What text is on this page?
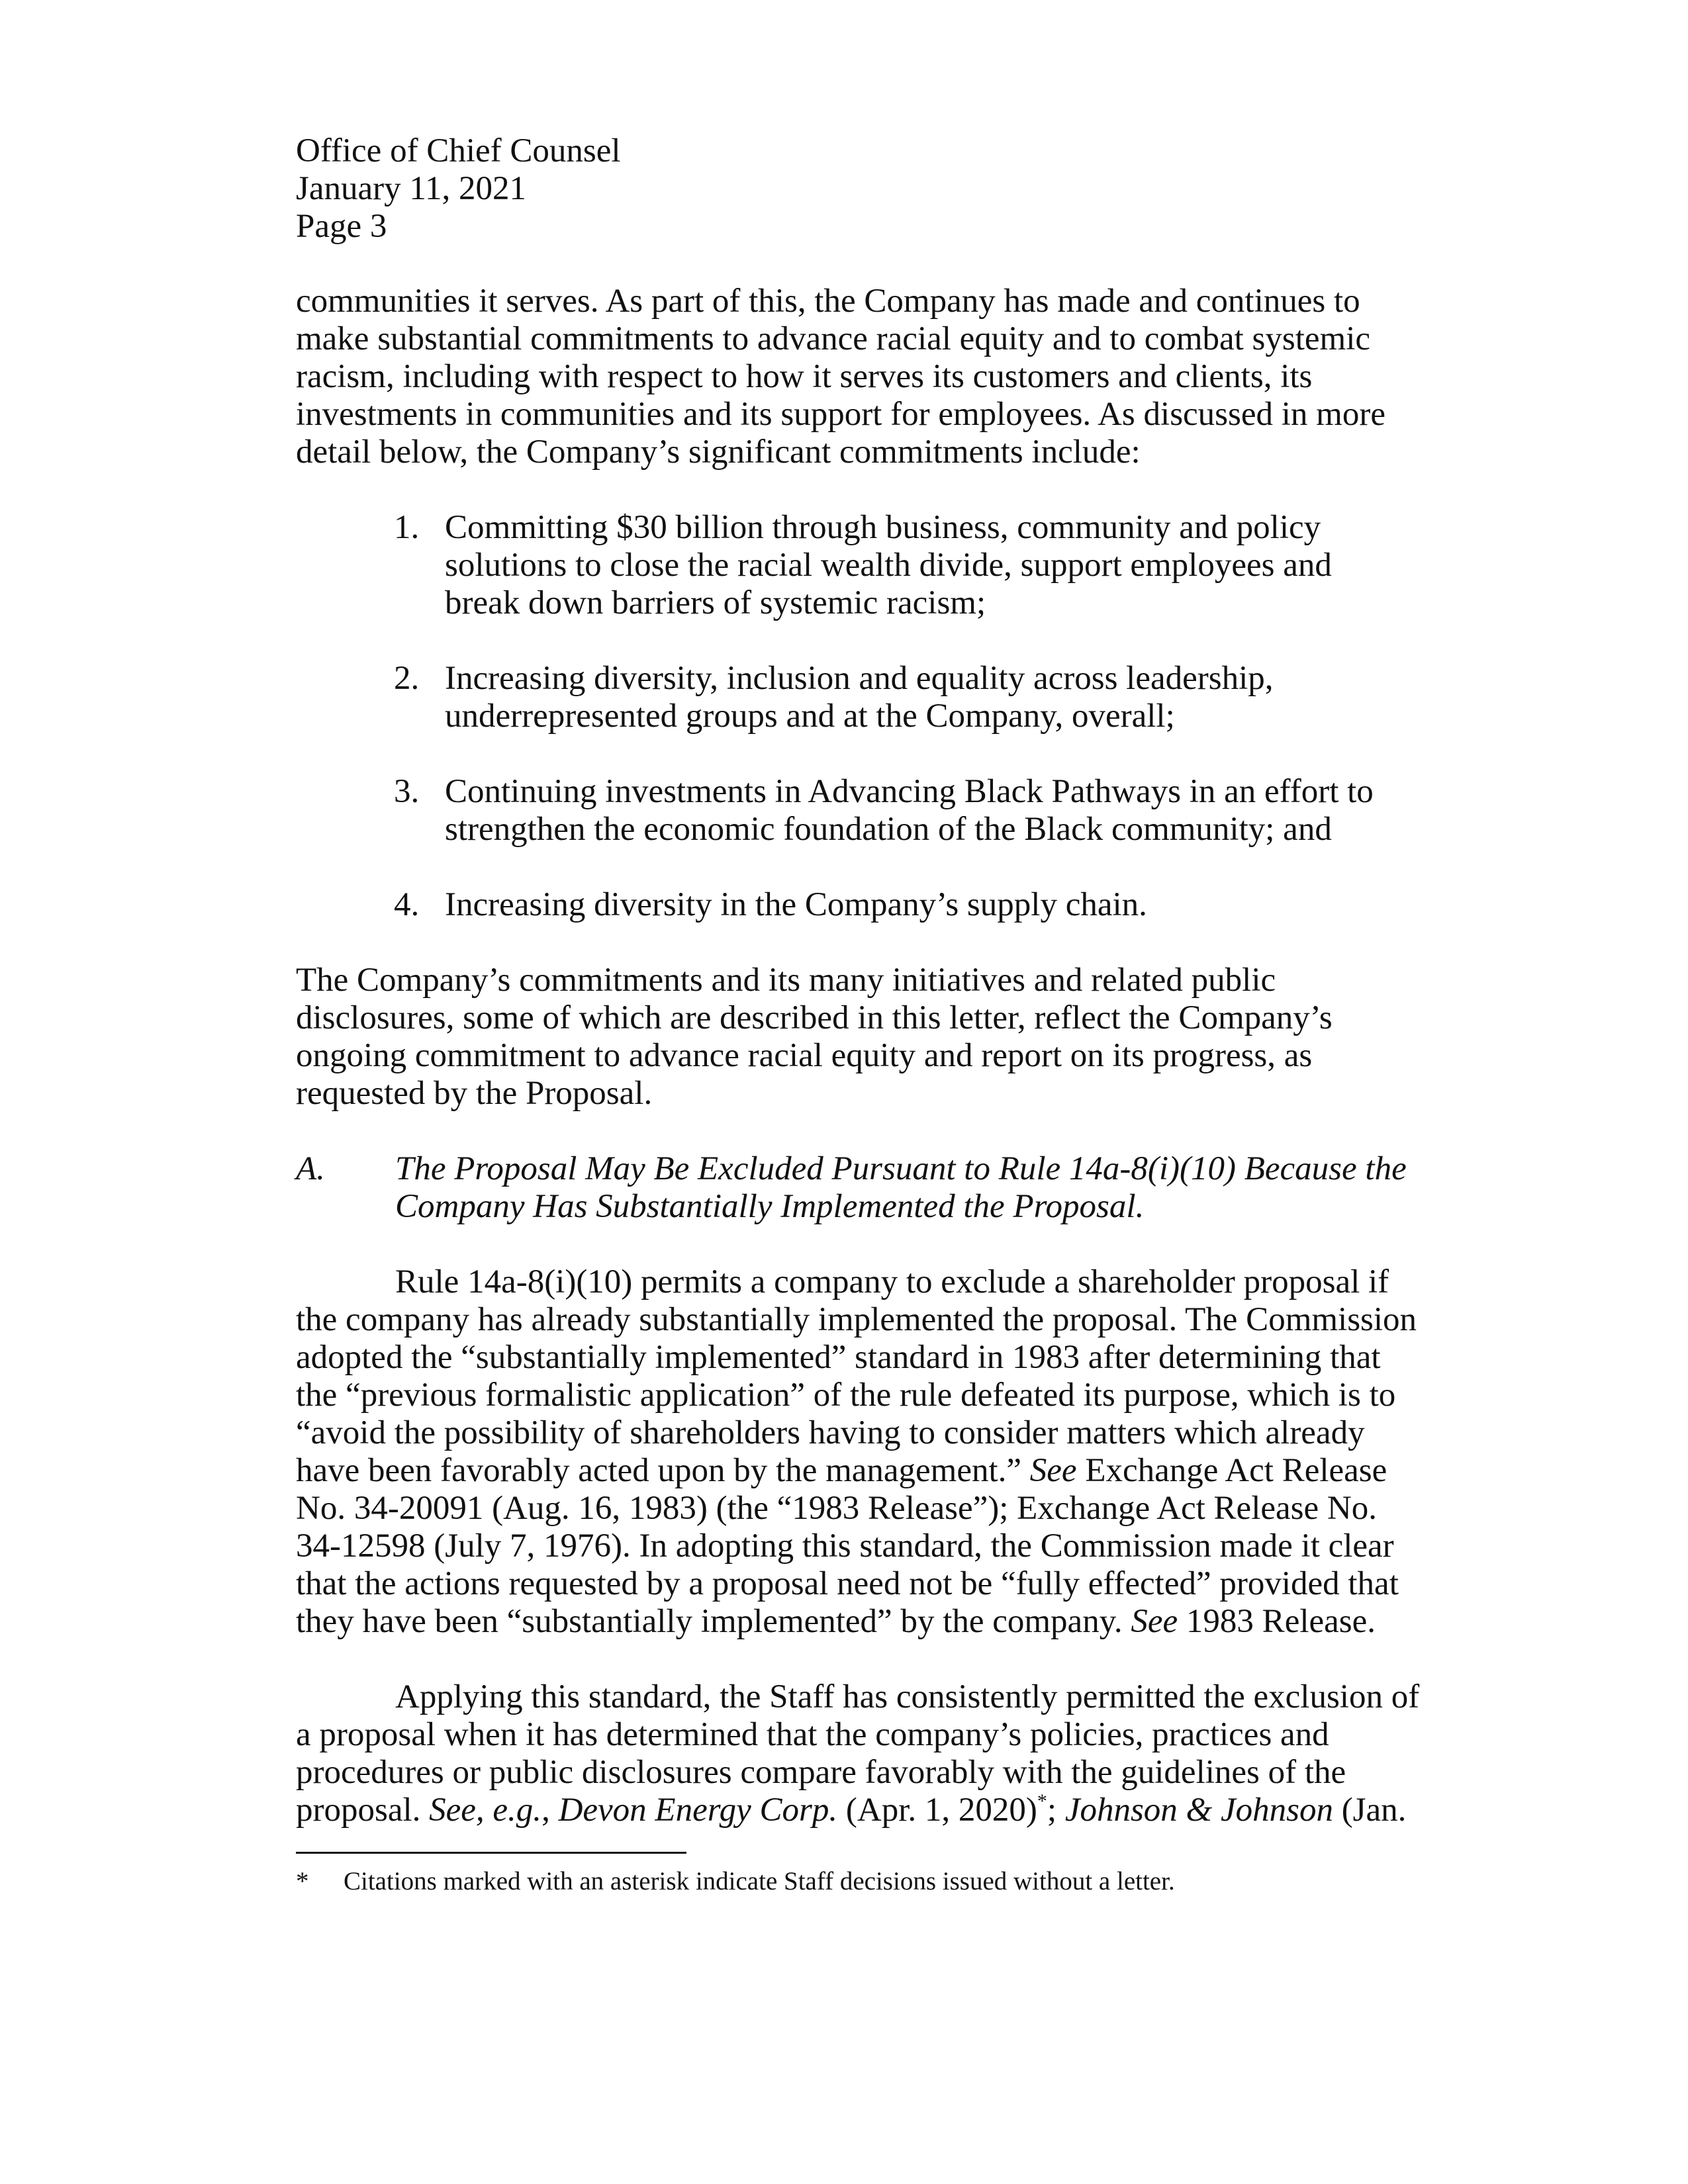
Office of Chief Counsel
January 11, 2021
Page 3

communities it serves. As part of this, the Company has made and continues to make substantial commitments to advance racial equity and to combat systemic racism, including with respect to how it serves its customers and clients, its investments in communities and its support for employees. As discussed in more detail below, the Company’s significant commitments include:

1. Committing $30 billion through business, community and policy solutions to close the racial wealth divide, support employees and break down barriers of systemic racism;
2. Increasing diversity, inclusion and equality across leadership, underrepresented groups and at the Company, overall;
3. Continuing investments in Advancing Black Pathways in an effort to strengthen the economic foundation of the Black community; and
4. Increasing diversity in the Company’s supply chain.

The Company’s commitments and its many initiatives and related public disclosures, some of which are described in this letter, reflect the Company’s ongoing commitment to advance racial equity and report on its progress, as requested by the Proposal.

A. The Proposal May Be Excluded Pursuant to Rule 14a-8(i)(10) Because the Company Has Substantially Implemented the Proposal.

Rule 14a-8(i)(10) permits a company to exclude a shareholder proposal if the company has already substantially implemented the proposal. The Commission adopted the “substantially implemented” standard in 1983 after determining that the “previous formalistic application” of the rule defeated its purpose, which is to “avoid the possibility of shareholders having to consider matters which already have been favorably acted upon by the management.” See Exchange Act Release No. 34-20091 (Aug. 16, 1983) (the “1983 Release”); Exchange Act Release No. 34-12598 (July 7, 1976). In adopting this standard, the Commission made it clear that the actions requested by a proposal need not be “fully effected” provided that they have been “substantially implemented” by the company. See 1983 Release.

Applying this standard, the Staff has consistently permitted the exclusion of a proposal when it has determined that the company’s policies, practices and procedures or public disclosures compare favorably with the guidelines of the proposal. See, e.g., Devon Energy Corp. (Apr. 1, 2020)*; Johnson & Johnson (Jan.

*	Citations marked with an asterisk indicate Staff decisions issued without a letter.
